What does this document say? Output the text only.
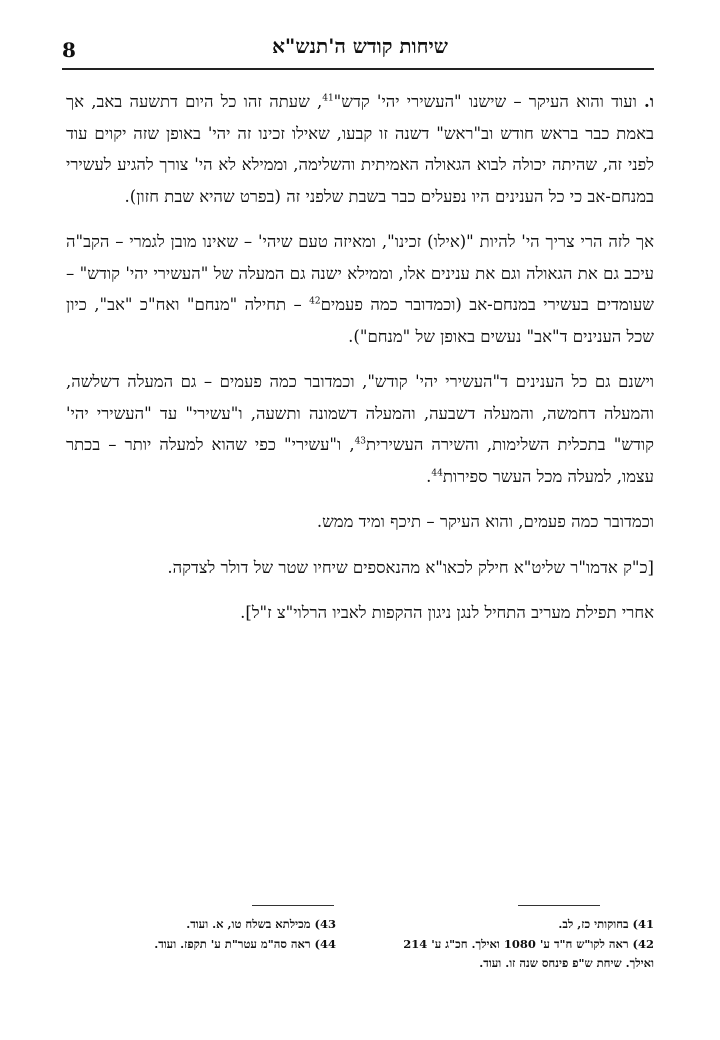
8	שיחות קודש ה'תנש"א

ו. ועוד והוא העיקר – שישנו "העשירי יהי' קדש"$^{41}$, שעתה זהו כל היום דתשעה באב, אך באמת כבר בראש חודש וב"ראש" דשנה זו קבעו, שאילו זכינו זה יהי' באופן שזה יקוים עוד לפני זה, שהיתה יכולה לבוא הגאולה האמיתית והשלימה, וממילא לא הי' צורך להגיע לעשירי במנחם-אב כי כל הענינים היו נפעלים כבר בשבת שלפני זה (בפרט שהיא שבת חזון).

אך לזה הרי צריך הי' להיות "(אילו) זכינו", ומאיזה טעם שיהי' – שאינו מובן לגמרי – הקב"ה עיכב גם את הגאולה וגם את ענינים אלו, וממילא ישנה גם המעלה של "העשירי יהי' קודש" – שעומדים בעשירי במנחם-אב (וכמדובר כמה פעמים$^{42}$ – תחילה "מנחם" ואח"כ "אב", כיון שכל הענינים ד"אב" נעשים באופן של "מנחם").

וישנם גם כל הענינים ד"העשירי יהי' קודש", וכמדובר כמה פעמים – גם המעלה דשלשה, והמעלה דחמשה, והמעלה דשבעה, והמעלה דשמונה ותשעה, ו"עשירי" עד "העשירי יהי' קודש" בתכלית השלימות, והשירה העשירית$^{43}$, ו"עשירי" כפי שהוא למעלה יותר – בכתר עצמו, למעלה מכל העשר ספירות$^{44}$.

וכמדובר כמה פעמים, והוא העיקר – תיכף ומיד ממש.

[כ"ק אדמו"ר שליט"א חילק לכאו"א מהנאספים שיחיו שטר של דולר לצדקה.

אחרי תפילת מעריב התחיל לנגן ניגון ההקפות לאביו הרלוי"צ ז"ל].

41) בחוקותי כז, לב.

42) ראה לקו"ש ח"ד ע' 1080 ואילך. חכ"ג ע' 214 ואילך. שיחת ש"פ פינחס שנה זו. ועוד.

43) מכילתא בשלח טו, א. ועוד.

44) ראה סה"מ עטר"ת ע' תקפז. ועוד.
